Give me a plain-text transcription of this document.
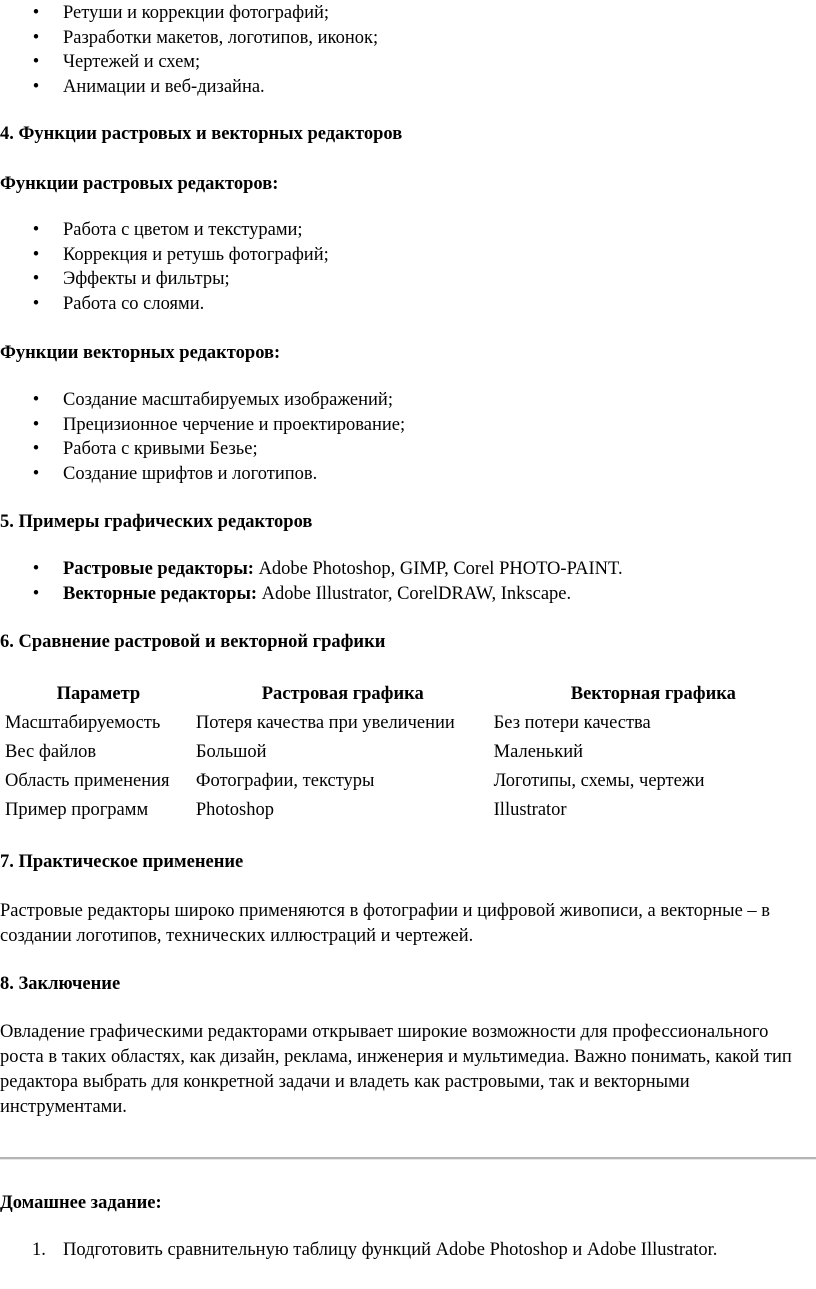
• Ретуши и коррекции фотографий;
• Разработки макетов, логотипов, иконок;
• Чертежей и схем;
• Анимации и веб-дизайна.
4. Функции растровых и векторных редакторов
Функции растровых редакторов:
• Работа с цветом и текстурами;
• Коррекция и ретушь фотографий;
• Эффекты и фильтры;
• Работа со слоями.
Функции векторных редакторов:
• Создание масштабируемых изображений;
• Прецизионное черчение и проектирование;
• Работа с кривыми Безье;
• Создание шрифтов и логотипов.
5. Примеры графических редакторов
• Растровые редакторы: Adobe Photoshop, GIMP, Corel PHOTO-PAINT.
• Векторные редакторы: Adobe Illustrator, CorelDRAW, Inkscape.
6. Сравнение растровой и векторной графики
Параметр	Растровая графика	Векторная графика
Масштабируемость	Потеря качества при увеличении	Без потери качества
Вес файлов	Большой	Маленький
Область применения	Фотографии, текстуры	Логотипы, схемы, чертежи
Пример программ	Photoshop	Illustrator
7. Практическое применение

Растровые редакторы широко применяются в фотографии и цифровой живописи, а векторные – в создании логотипов, технических иллюстраций и чертежей.

8. Заключение

Овладение графическими редакторами открывает широкие возможности для профессионального роста в таких областях, как дизайн, реклама, инженерия и мультимедиа. Важно понимать, какой тип редактора выбрать для конкретной задачи и владеть как растровыми, так и векторными инструментами.

Домашнее задание:
1. Подготовить сравнительную таблицу функций Adobe Photoshop и Adobe Illustrator.
